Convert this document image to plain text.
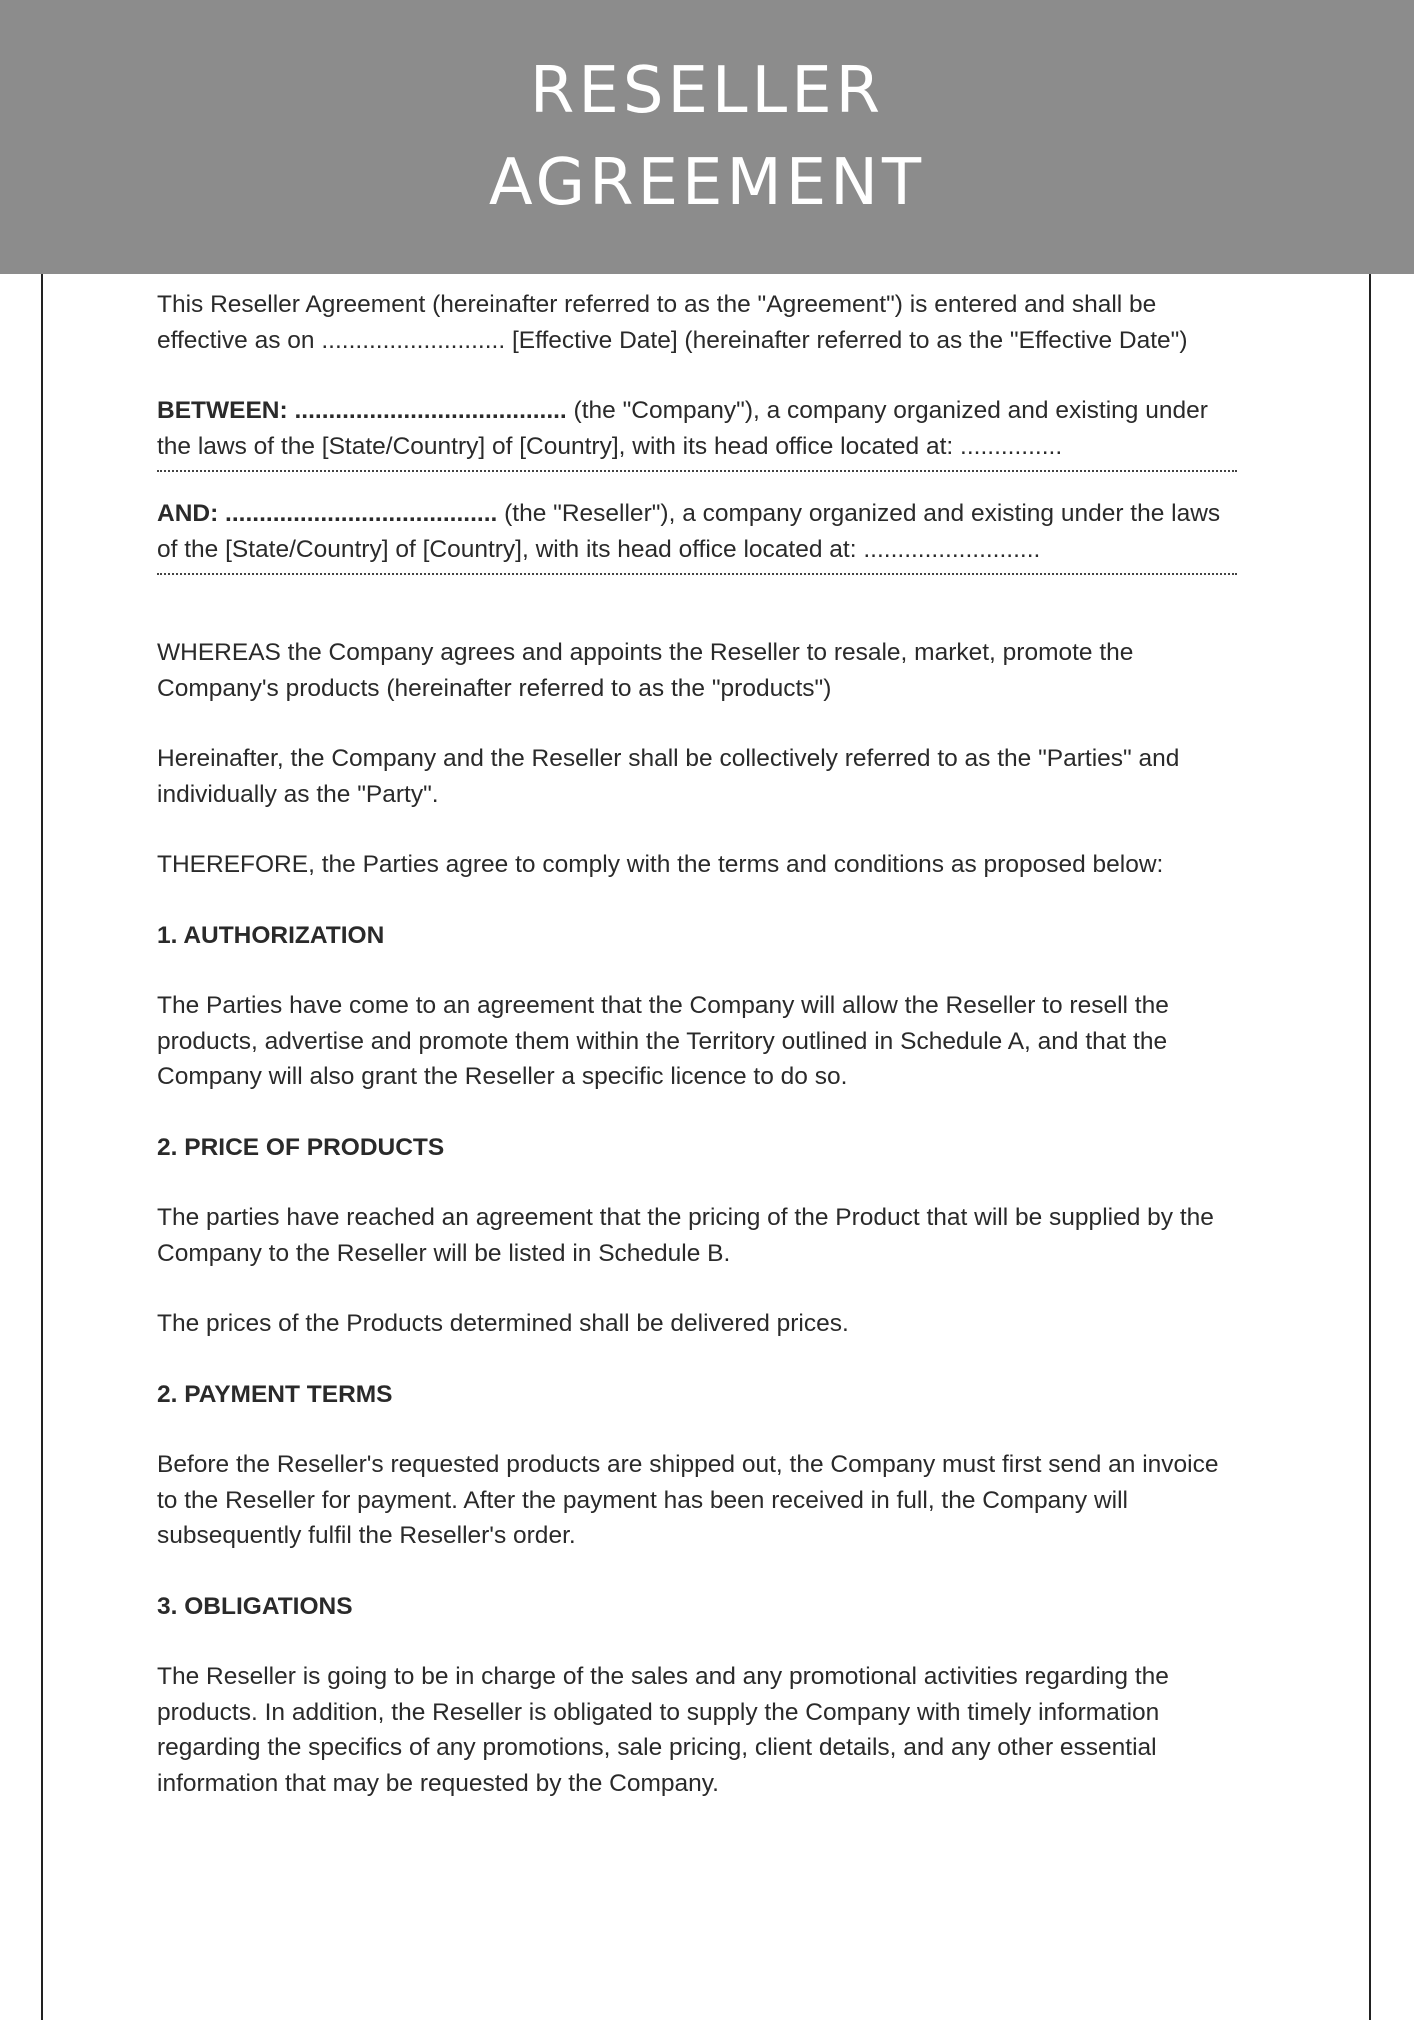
RESELLER
AGREEMENT

This Reseller Agreement (hereinafter referred to as the "Agreement") is entered and shall be effective as on ........................... [Effective Date] (hereinafter referred to as the "Effective Date")

BETWEEN: ........................................ (the "Company"), a company organized and existing under the laws of the [State/Country] of [Country], with its head office located at: ...............

AND: ........................................ (the "Reseller"), a company organized and existing under the laws of the [State/Country] of [Country], with its head office located at: ..........................

WHEREAS the Company agrees and appoints the Reseller to resale, market, promote the Company's products (hereinafter referred to as the "products")

Hereinafter, the Company and the Reseller shall be collectively referred to as the "Parties" and individually as the "Party".

THEREFORE, the Parties agree to comply with the terms and conditions as proposed below:

1. AUTHORIZATION

The Parties have come to an agreement that the Company will allow the Reseller to resell the products, advertise and promote them within the Territory outlined in Schedule A, and that the Company will also grant the Reseller a specific licence to do so.

2. PRICE OF PRODUCTS

The parties have reached an agreement that the pricing of the Product that will be supplied by the Company to the Reseller will be listed in Schedule B.

The prices of the Products determined shall be delivered prices.

2. PAYMENT TERMS

Before the Reseller's requested products are shipped out, the Company must first send an invoice to the Reseller for payment. After the payment has been received in full, the Company will subsequently fulfil the Reseller's order.

3. OBLIGATIONS

The Reseller is going to be in charge of the sales and any promotional activities regarding the products. In addition, the Reseller is obligated to supply the Company with timely information regarding the specifics of any promotions, sale pricing, client details, and any other essential information that may be requested by the Company.
